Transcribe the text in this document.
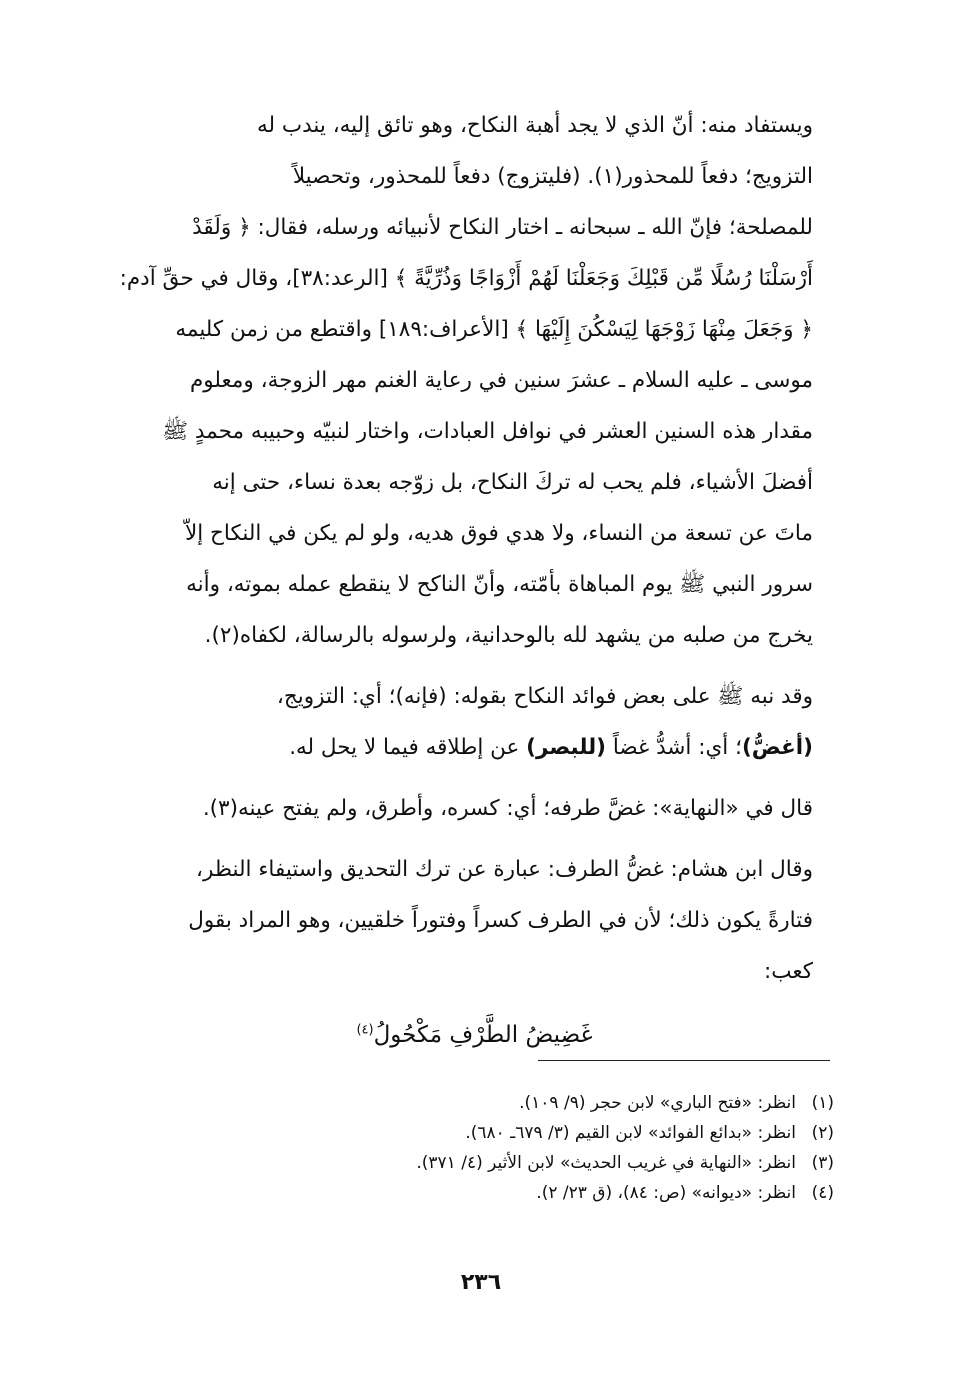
ويستفاد منه: أنّ الذي لا يجد أهبة النكاح، وهو تائق إليه، يندب له
التزويج؛ دفعاً للمحذور(١). (فليتزوج) دفعاً للمحذور، وتحصيلاً
للمصلحة؛ فإنّ الله ـ سبحانه ـ اختار النكاح لأنبيائه ورسله، فقال: ﴿ وَلَقَدْ
أَرْسَلْنَا رُسُلًا مِّن قَبْلِكَ وَجَعَلْنَا لَهُمْ أَزْوَاجًا وَذُرِّيَّةً ﴾ [الرعد:٣٨]، وقال في حقِّ آدم:
﴿ وَجَعَلَ مِنْهَا زَوْجَهَا لِيَسْكُنَ إِلَيْهَا ﴾ [الأعراف:١٨٩] واقتطع من زمن كليمه
موسى ـ عليه السلام ـ عشرَ سنين في رعاية الغنم مهر الزوجة، ومعلوم
مقدار هذه السنين العشر في نوافل العبادات، واختار لنبيّه وحبيبه محمدٍ ﷺ
أفضلَ الأشياء، فلم يحب له تركَ النكاح، بل زوّجه بعدة نساء، حتى إنه
ماتَ عن تسعة من النساء، ولا هدي فوق هديه، ولو لم يكن في النكاح إلاّ
سرور النبي ﷺ يوم المباهاة بأمّته، وأنّ الناكح لا ينقطع عمله بموته، وأنه
يخرج من صلبه من يشهد لله بالوحدانية، ولرسوله بالرسالة، لكفاه(٢).
وقد نبه ﷺ على بعض فوائد النكاح بقوله: (فإنه)؛ أي: التزويج،
(أغضُّ)؛ أي: أشدُّ غضاً (للبصر) عن إطلاقه فيما لا يحل له.
قال في «النهاية»: غضَّ طرفه؛ أي: كسره، وأطرق، ولم يفتح عينه(٣).
وقال ابن هشام: غضُّ الطرف: عبارة عن ترك التحديق واستيفاء النظر،
فتارةً يكون ذلك؛ لأن في الطرف كسراً وفتوراً خلقيين، وهو المراد بقول
كعب:
غَضِيضُ الطَّرْفِ مَكْحُولُ$^{(٤)}$
(١)انظر: «فتح الباري» لابن حجر (٩/ ١٠٩).
(٢)انظر: «بدائع الفوائد» لابن القيم (٣/ ٦٧٩ـ ٦٨٠).
(٣)انظر: «النهاية في غريب الحديث» لابن الأثير (٤/ ٣٧١).
(٤)انظر: «ديوانه» (ص: ٨٤)، (ق ٢٣/ ٢).
٢٣٦
